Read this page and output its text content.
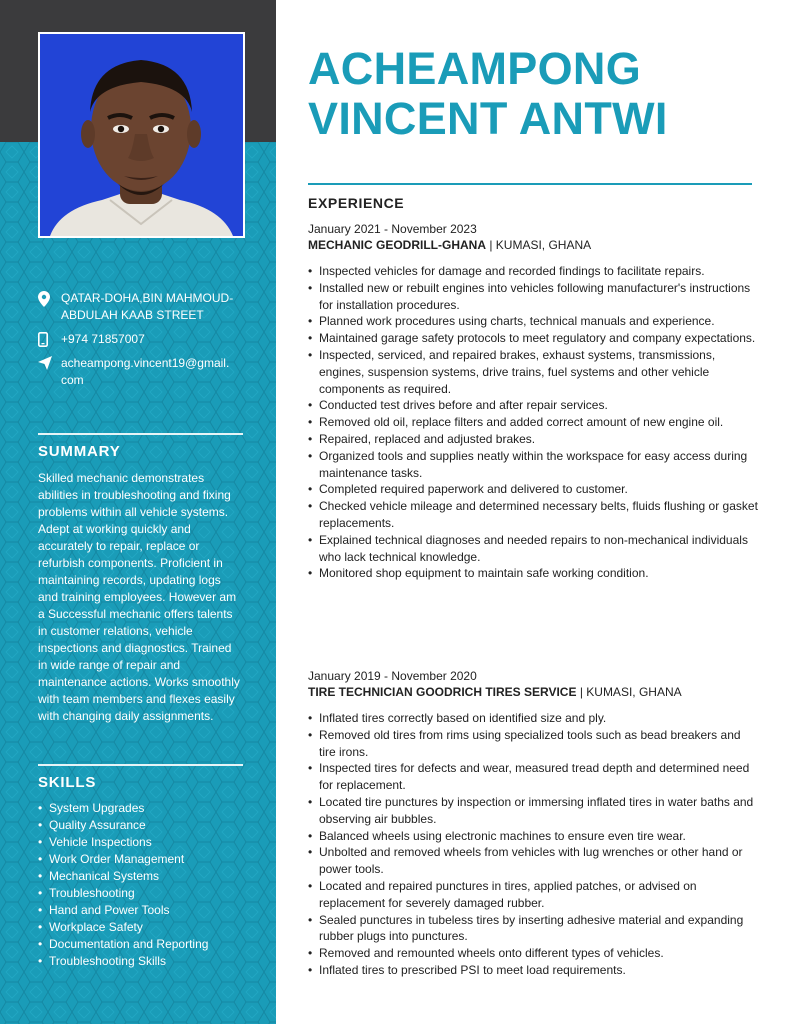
QATAR-DOHA,BIN MAHMOUD-ABDULAH KAAB STREET
+974 71857007
acheampong.vincent19@gmail.
com
SUMMARY
Skilled mechanic demonstrates abilities in troubleshooting and fixing problems within all vehicle systems. Adept at working quickly and accurately to repair, replace or refurbish components. Proficient in maintaining records, updating logs and training employees. However am a Successful mechanic offers talents in customer relations, vehicle inspections and diagnostics. Trained in wide range of repair and maintenance actions. Works smoothly with team members and flexes easily with changing daily assignments.
SKILLS
• System Upgrades
• Quality Assurance
• Vehicle Inspections
• Work Order Management
• Mechanical Systems
• Troubleshooting
• Hand and Power Tools
• Workplace Safety
• Documentation and Reporting
• Troubleshooting Skills
ACHEAMPONG
VINCENT ANTWI
EXPERIENCE
January 2021 - November 2023
MECHANIC GEODRILL-GHANA | KUMASI, GHANA
• Inspected vehicles for damage and recorded findings to facilitate repairs.
• Installed new or rebuilt engines into vehicles following manufacturer's instructions for installation procedures.
• Planned work procedures using charts, technical manuals and experience.
• Maintained garage safety protocols to meet regulatory and company expectations.
• Inspected, serviced, and repaired brakes, exhaust systems, transmissions, engines, suspension systems, drive trains, fuel systems and other vehicle components as required.
• Conducted test drives before and after repair services.
• Removed old oil, replace filters and added correct amount of new engine oil.
• Repaired, replaced and adjusted brakes.
• Organized tools and supplies neatly within the workspace for easy access during maintenance tasks.
• Completed required paperwork and delivered to customer.
• Checked vehicle mileage and determined necessary belts, fluids flushing or gasket replacements.
• Explained technical diagnoses and needed repairs to non-mechanical individuals who lack technical knowledge.
• Monitored shop equipment to maintain safe working condition.
January 2019 - November 2020
TIRE TECHNICIAN GOODRICH TIRES SERVICE | KUMASI, GHANA
• Inflated tires correctly based on identified size and ply.
• Removed old tires from rims using specialized tools such as bead breakers and tire irons.
• Inspected tires for defects and wear, measured tread depth and determined need for replacement.
• Located tire punctures by inspection or immersing inflated tires in water baths and observing air bubbles.
• Balanced wheels using electronic machines to ensure even tire wear.
• Unbolted and removed wheels from vehicles with lug wrenches or other hand or power tools.
• Located and repaired punctures in tires, applied patches, or advised on replacement for severely damaged rubber.
• Sealed punctures in tubeless tires by inserting adhesive material and expanding rubber plugs into punctures.
• Removed and remounted wheels onto different types of vehicles.
• Inflated tires to prescribed PSI to meet load requirements.
